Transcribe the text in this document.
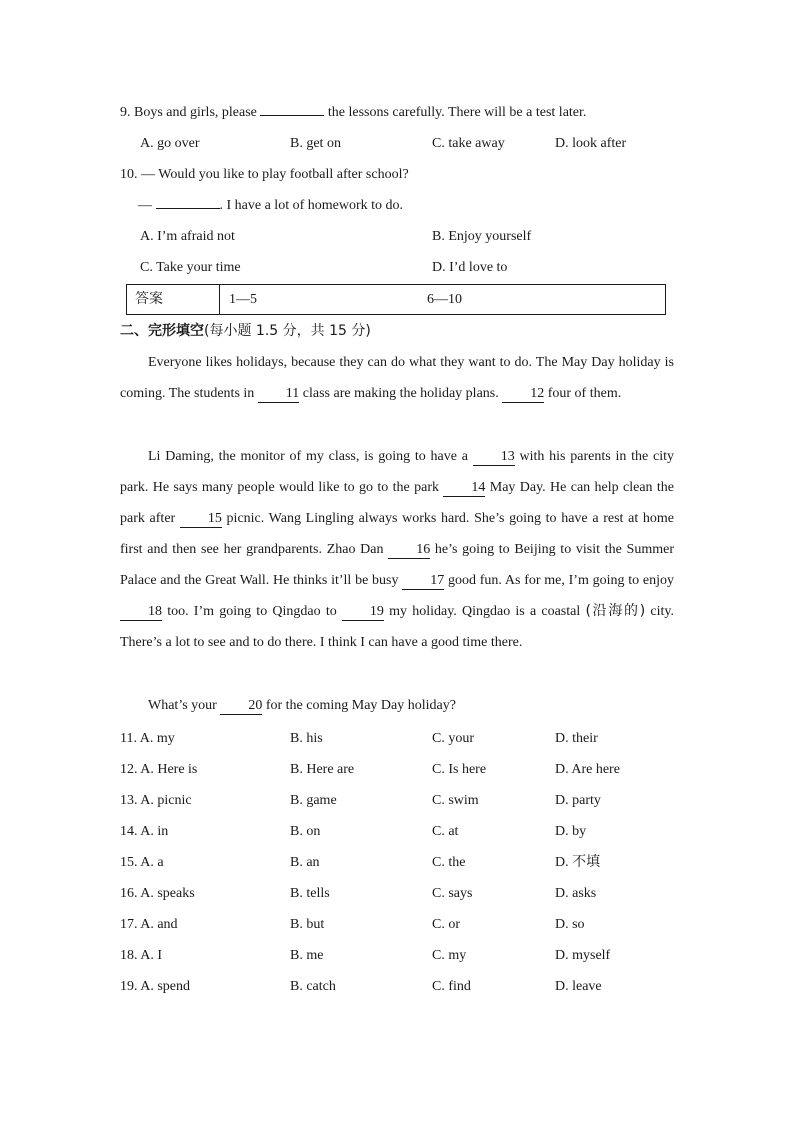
9. Boys and girls, please	the lessons carefully. There will be a test later.
A. go over	B. get on	C. take away	D. look after
10. — Would you like to play football after school?
—	. I have a lot of homework to do.
A. I’m afraid not	B. Enjoy yourself
C. Take your time	D. I’d love to
答案	1—5	6—10
二、完形填空(每小题 1.5 分，共 15 分)
Everyone likes holidays, because they can do what they want to do. The May Day holiday is coming. The students in 11 class are making the holiday plans. 12 four of them.
Li Daming, the monitor of my class, is going to have a 13 with his parents in the city park. He says many people would like to go to the park 14 May Day. He can help clean the park after 15 picnic. Wang Lingling always works hard. She’s going to have a rest at home first and then see her grandparents. Zhao Dan 16 he’s going to Beijing to visit the Summer Palace and the Great Wall. He thinks it’ll be busy 17 good fun. As for me, I’m going to enjoy 18 too. I’m going to Qingdao to 19 my holiday. Qingdao is a coastal (沿海的) city. There’s a lot to see and to do there. I think I can have a good time there.
What’s your 20 for the coming May Day holiday?
11. A. my	B. his	C. your	D. their
12. A. Here is	B. Here are	C. Is here	D. Are here
13. A. picnic	B. game	C. swim	D. party
14. A. in	B. on	C. at	D. by
15. A. a	B. an	C. the	D. 不填
16. A. speaks	B. tells	C. says	D. asks
17. A. and	B. but	C. or	D. so
18. A. I	B. me	C. my	D. myself
19. A. spend	B. catch	C. find	D. leave
